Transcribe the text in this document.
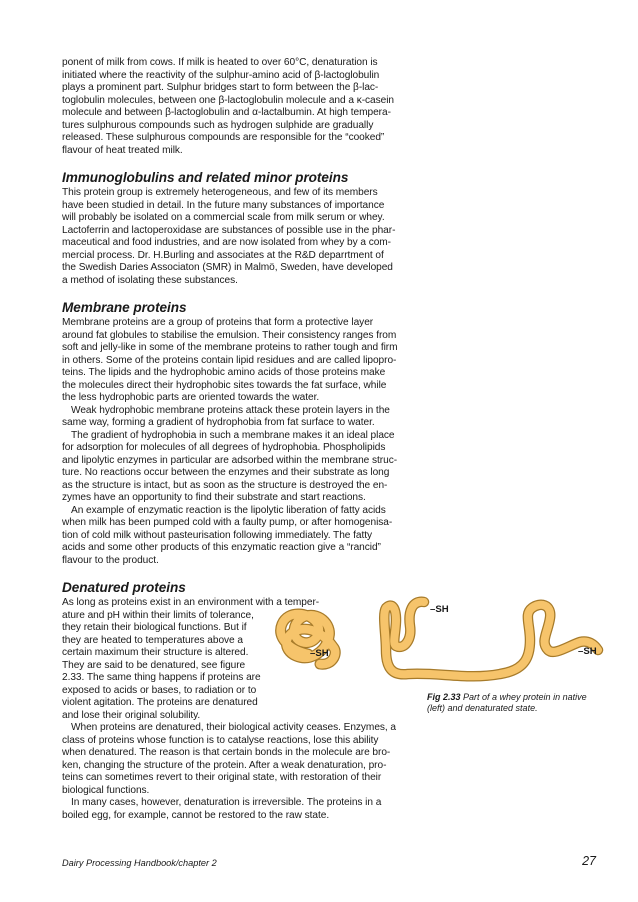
ponent of milk from cows. If milk is heated to over 60°C, denaturation is
initiated where the reactivity of the sulphur-amino acid of β-lactoglobulin
plays a prominent part. Sulphur bridges start to form between the β-lac-
toglobulin molecules, between one β-lactoglobulin molecule and a κ-casein
molecule and between β-lactoglobulin and α-lactalbumin. At high tempera-
tures sulphurous compounds such as hydrogen sulphide are gradually
released. These sulphurous compounds are responsible for the “cooked”
flavour of heat treated milk.

Immunoglobulins and related minor proteins

This protein group is extremely heterogeneous, and few of its members
have been studied in detail. In the future many substances of importance
will probably be isolated on a commercial scale from milk serum or whey.
Lactoferrin and lactoperoxidase are substances of possible use in the phar-
maceutical and food industries, and are now isolated from whey by a com-
mercial process. Dr. H.Burling and associates at the R&D deparrtment of
the Swedish Daries Associaton (SMR) in Malmö, Sweden, have developed
a method of isolating these substances.

Membrane proteins

Membrane proteins are a group of proteins that form a protective layer
around fat globules to stabilise the emulsion. Their consistency ranges from
soft and jelly-like in some of the membrane proteins to rather tough and firm
in others. Some of the proteins contain lipid residues and are called lipopro-
teins. The lipids and the hydrophobic amino acids of those proteins make
the molecules direct their hydrophobic sites towards the fat surface, while
the less hydrophobic parts are oriented towards the water.

Weak hydrophobic membrane proteins attack these protein layers in the
same way, forming a gradient of hydrophobia from fat surface to water.

The gradient of hydrophobia in such a membrane makes it an ideal place
for adsorption for molecules of all degrees of hydrophobia. Phospholipids
and lipolytic enzymes in particular are adsorbed within the membrane struc-
ture. No reactions occur between the enzymes and their substrate as long
as the structure is intact, but as soon as the structure is destroyed the en-
zymes have an opportunity to find their substrate and start reactions.

An example of enzymatic reaction is the lipolytic liberation of fatty acids
when milk has been pumped cold with a faulty pump, or after homogenisa-
tion of cold milk without pasteurisation following immediately. The fatty
acids and some other products of this enzymatic reaction give a “rancid”
flavour to the product.

Denatured proteins

As long as proteins exist in an environment with a temper-
ature and pH within their limits of tolerance,
they retain their biological functions. But if
they are heated to temperatures above a
certain maximum their structure is altered.
They are said to be denatured, see figure
2.33. The same thing happens if proteins are
exposed to acids or bases, to radiation or to
violent agitation. The proteins are denatured
and lose their original solubility.

When proteins are denatured, their biological activity ceases. Enzymes, a
class of proteins whose function is to catalyse reactions, lose this ability
when denatured. The reason is that certain bonds in the molecule are bro-
ken, changing the structure of the protein. After a weak denaturation, pro-
teins can sometimes revert to their original state, with restoration of their
biological functions.

In many cases, however, denaturation is irreversible. The proteins in a
boiled egg, for example, cannot be restored to the raw state.

–SH
–SH
–SH
Fig 2.33 Part of a whey protein in native (left) and denaturated state.
Dairy Processing Handbook/chapter 2	27
